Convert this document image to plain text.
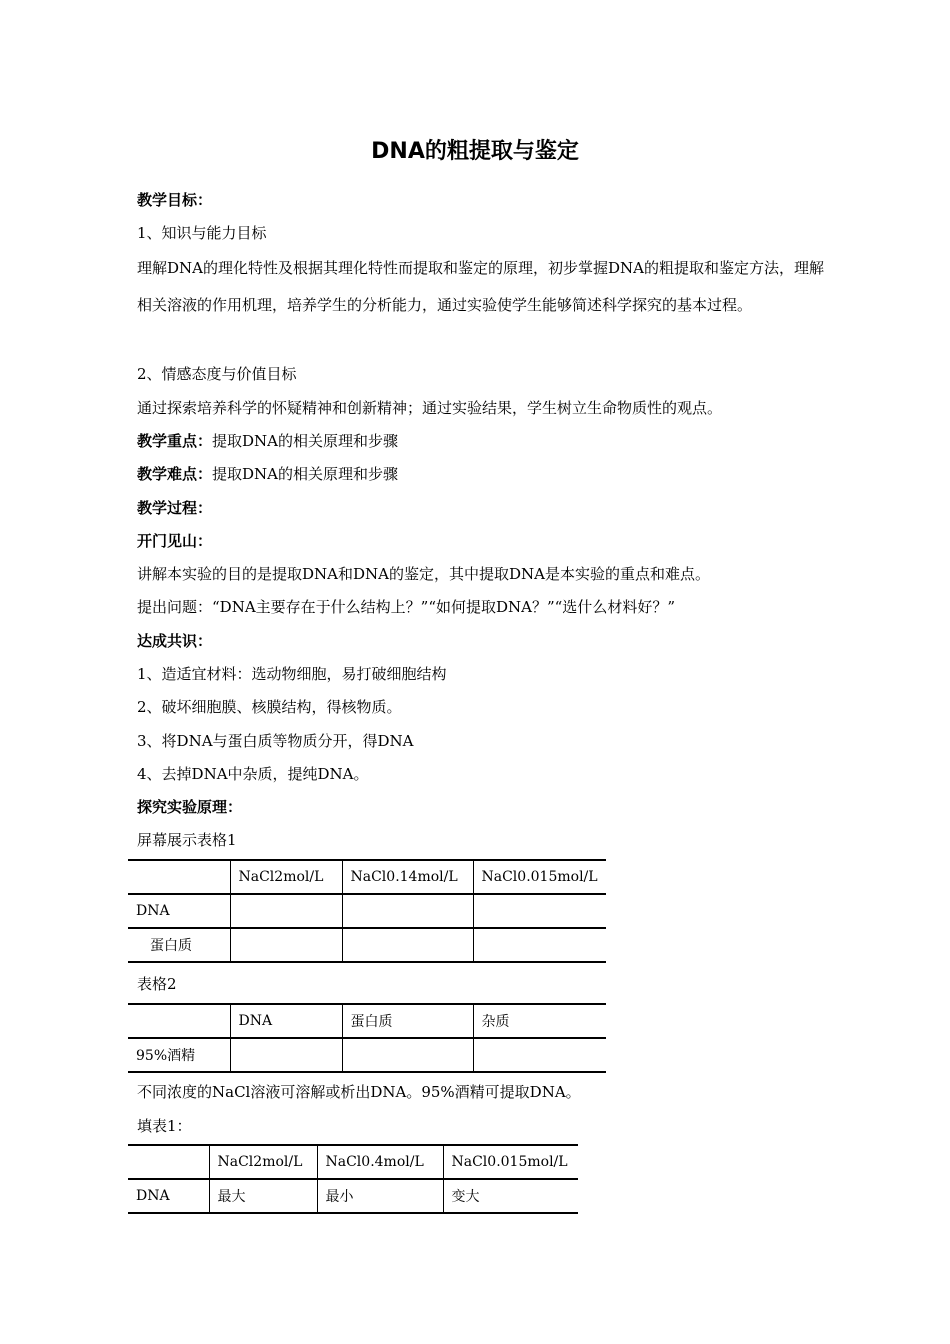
DNA的粗提取与鉴定
教学目标：
1、知识与能力目标
理解DNA的理化特性及根据其理化特性而提取和鉴定的原理，初步掌握DNA的粗提取和鉴定方法，理解相关溶液的作用机理，培养学生的分析能力，通过实验使学生能够简述科学探究的基本过程。
2、情感态度与价值目标
通过探索培养科学的怀疑精神和创新精神；通过实验结果，学生树立生命物质性的观点。
教学重点：提取DNA的相关原理和步骤
教学难点：提取DNA的相关原理和步骤
教学过程：
开门见山：
讲解本实验的目的是提取DNA和DNA的鉴定，其中提取DNA是本实验的重点和难点。
提出问题：“DNA主要存在于什么结构上？”“如何提取DNA？”“选什么材料好？”
达成共识：
1、造适宜材料：选动物细胞，易打破细胞结构
2、破坏细胞膜、核膜结构，得核物质。
3、将DNA与蛋白质等物质分开，得DNA
4、去掉DNA中杂质，提纯DNA。
探究实验原理：
屏幕展示表格1
	NaCl2mol/L	NaCl0.14mol/L	NaCl0.015mol/L
DNA			
　蛋白质			
表格2
	DNA	蛋白质	杂质
95%酒精			
不同浓度的NaCl溶液可溶解或析出DNA。95%酒精可提取DNA。
填表1：
	NaCl2mol/L	NaCl0.4mol/L	NaCl0.015mol/L
DNA	最大	最小	变大
